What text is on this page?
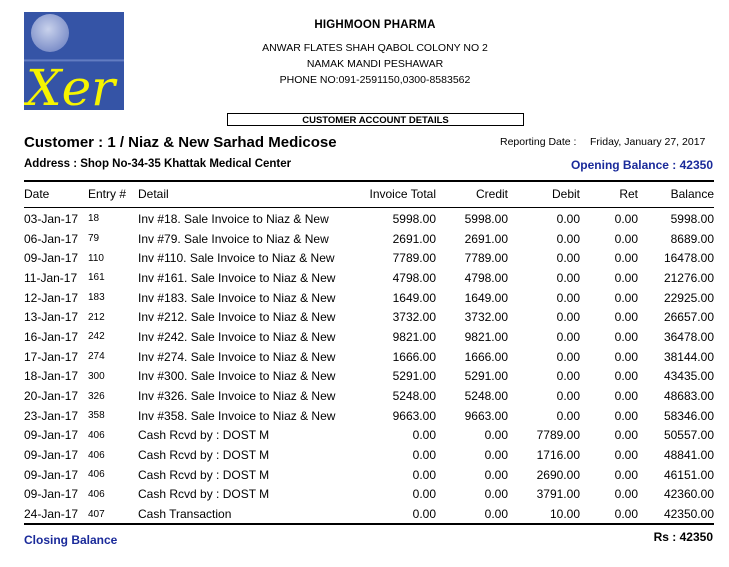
Xer
HIGHMOON PHARMA
ANWAR FLATES SHAH QABOL COLONY NO 2
NAMAK MANDI PESHAWAR
PHONE NO:091-2591150,0300-8583562
CUSTOMER ACCOUNT DETAILS
Customer : 1 / Niaz & New Sarhad Medicose
Address : Shop No-34-35 Khattak Medical Center
Reporting Date : Friday, January 27, 2017
Opening Balance : 42350
Date	Entry #	Detail	Invoice Total	Credit	Debit	Ret	Balance

03-Jan-17	18	Inv #18. Sale Invoice to Niaz & New	5998.00	5998.00	0.00	0.00	5998.00
06-Jan-17	79	Inv #79. Sale Invoice to Niaz & New	2691.00	2691.00	0.00	0.00	8689.00
09-Jan-17	110	Inv #110. Sale Invoice to Niaz & New	7789.00	7789.00	0.00	0.00	16478.00
11-Jan-17	161	Inv #161. Sale Invoice to Niaz & New	4798.00	4798.00	0.00	0.00	21276.00
12-Jan-17	183	Inv #183. Sale Invoice to Niaz & New	1649.00	1649.00	0.00	0.00	22925.00
13-Jan-17	212	Inv #212. Sale Invoice to Niaz & New	3732.00	3732.00	0.00	0.00	26657.00
16-Jan-17	242	Inv #242. Sale Invoice to Niaz & New	9821.00	9821.00	0.00	0.00	36478.00
17-Jan-17	274	Inv #274. Sale Invoice to Niaz & New	1666.00	1666.00	0.00	0.00	38144.00
18-Jan-17	300	Inv #300. Sale Invoice to Niaz & New	5291.00	5291.00	0.00	0.00	43435.00
20-Jan-17	326	Inv #326. Sale Invoice to Niaz & New	5248.00	5248.00	0.00	0.00	48683.00
23-Jan-17	358	Inv #358. Sale Invoice to Niaz & New	9663.00	9663.00	0.00	0.00	58346.00
09-Jan-17	406	Cash Rcvd by : DOST M	0.00	0.00	7789.00	0.00	50557.00
09-Jan-17	406	Cash Rcvd by : DOST M	0.00	0.00	1716.00	0.00	48841.00
09-Jan-17	406	Cash Rcvd by : DOST M	0.00	0.00	2690.00	0.00	46151.00
09-Jan-17	406	Cash Rcvd by : DOST M	0.00	0.00	3791.00	0.00	42360.00
24-Jan-17	407	Cash Transaction	0.00	0.00	10.00	0.00	42350.00
Closing Balance	Rs : 42350
